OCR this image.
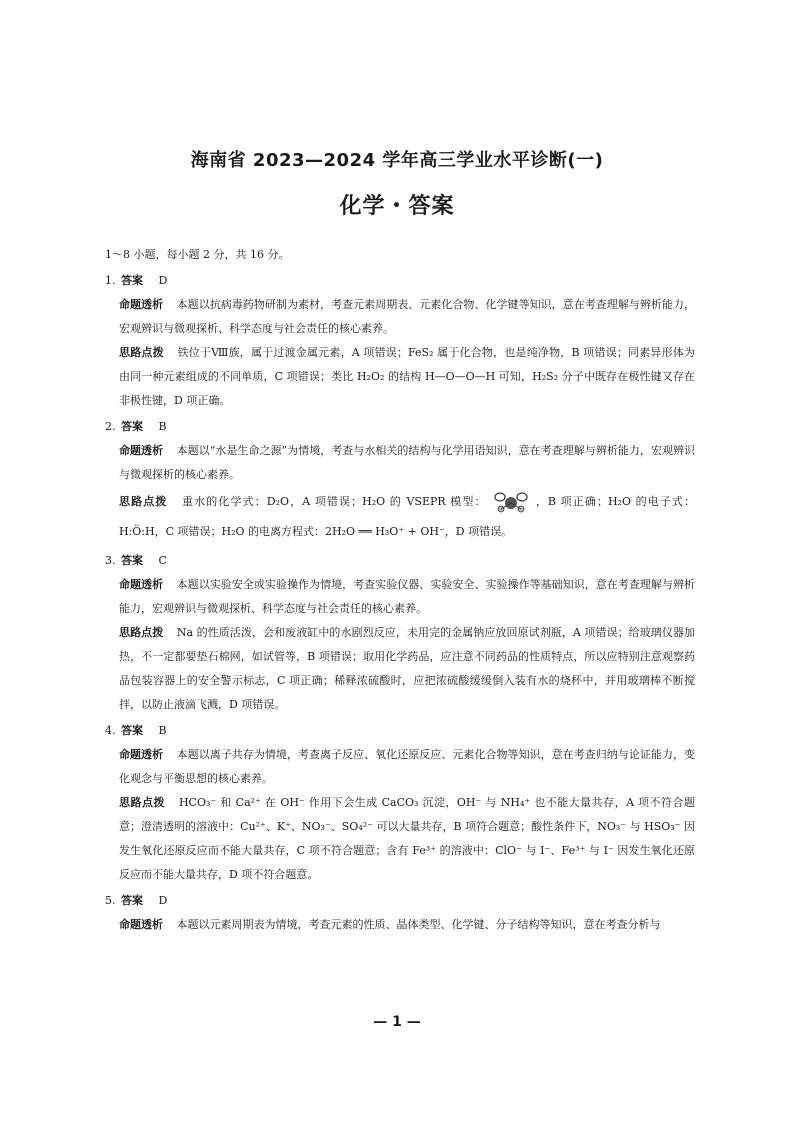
海南省 2023—2024 学年高三学业水平诊断(一)
化学・答案
1～8 小题，每小题 2 分，共 16 分。
1. 答案 D
命题透析 本题以抗病毒药物研制为素材，考查元素周期表、元素化合物、化学键等知识，意在考查理解与辨析能力，宏观辨识与微观探析、科学态度与社会责任的核心素养。
思路点拨 铁位于Ⅷ族，属于过渡金属元素，A 项错误；FeS₂ 属于化合物，也是纯净物，B 项错误；同素异形体为由同一种元素组成的不同单质，C 项错误；类比 H₂O₂ 的结构 H—O—O—H 可知，H₂S₂ 分子中既存在极性键又存在非极性键，D 项正确。
2. 答案 B
命题透析 本题以“水是生命之源”为情境，考查与水相关的结构与化学用语知识，意在考查理解与辨析能力，宏观辨识与微观探析的核心素养。
思路点拨 重水的化学式：D₂O，A 项错误；H₂O 的 VSEPR 模型：	，B 项正确；H₂O 的电子式：H:Ö:H，C 项错误；H₂O 的电离方程式：2H₂O ══ H₃O⁺ + OH⁻，D 项错误。
3. 答案 C
命题透析 本题以实验安全或实验操作为情境，考查实验仪器、实验安全、实验操作等基础知识，意在考查理解与辨析能力，宏观辨识与微观探析、科学态度与社会责任的核心素养。
思路点拨 Na 的性质活泼，会和废液缸中的水剧烈反应，未用完的金属钠应放回原试剂瓶，A 项错误；给玻璃仪器加热，不一定都要垫石棉网，如试管等，B 项错误；取用化学药品，应注意不同药品的性质特点，所以应特别注意观察药品包装容器上的安全警示标志，C 项正确；稀释浓硫酸时，应把浓硫酸缓缓倒入装有水的烧杯中，并用玻璃棒不断搅拌，以防止液滴飞溅，D 项错误。
4. 答案 B
命题透析 本题以离子共存为情境，考查离子反应、氧化还原反应、元素化合物等知识，意在考查归纳与论证能力，变化观念与平衡思想的核心素养。
思路点拨 HCO₃⁻ 和 Ca²⁺ 在 OH⁻ 作用下会生成 CaCO₃ 沉淀，OH⁻ 与 NH₄⁺ 也不能大量共存，A 项不符合题意；澄清透明的溶液中：Cu²⁺、K⁺、NO₃⁻、SO₄²⁻ 可以大量共存，B 项符合题意；酸性条件下，NO₃⁻ 与 HSO₃⁻ 因发生氧化还原反应而不能大量共存，C 项不符合题意；含有 Fe³⁺ 的溶液中：ClO⁻ 与 I⁻、Fe³⁺ 与 I⁻ 因发生氧化还原反应而不能大量共存，D 项不符合题意。
5. 答案 D
命题透析 本题以元素周期表为情境，考查元素的性质、晶体类型、化学键、分子结构等知识，意在考查分析与
— 1 —
